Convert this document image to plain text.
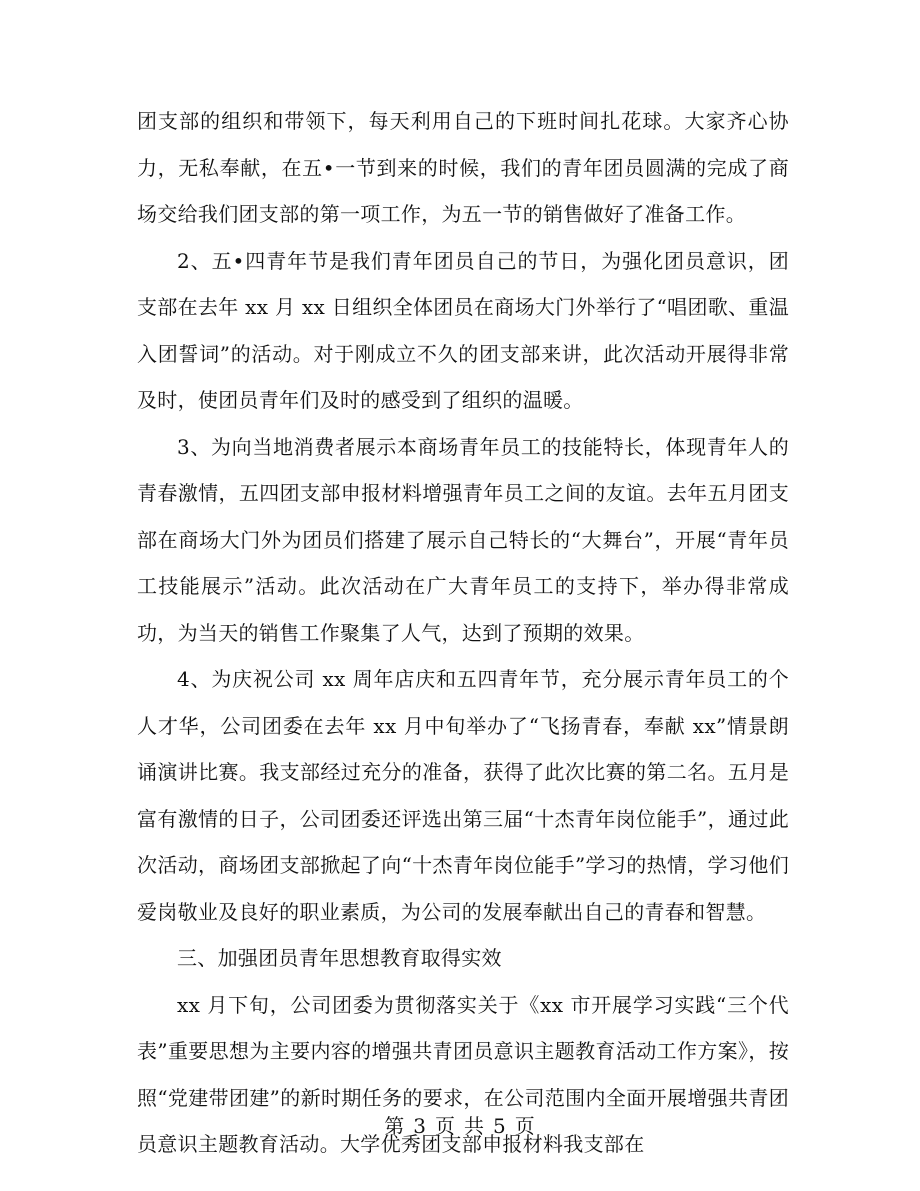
团支部的组织和带领下，每天利用自己的下班时间扎花球。大家齐心协力，无私奉献，在五•一节到来的时候，我们的青年团员圆满的完成了商场交给我们团支部的第一项工作，为五一节的销售做好了准备工作。

2、五•四青年节是我们青年团员自己的节日，为强化团员意识，团支部在去年 xx 月 xx 日组织全体团员在商场大门外举行了“唱团歌、重温入团誓词”的活动。对于刚成立不久的团支部来讲，此次活动开展得非常及时，使团员青年们及时的感受到了组织的温暖。

3、为向当地消费者展示本商场青年员工的技能特长，体现青年人的青春激情，五四团支部申报材料增强青年员工之间的友谊。去年五月团支部在商场大门外为团员们搭建了展示自己特长的“大舞台”，开展“青年员工技能展示”活动。此次活动在广大青年员工的支持下，举办得非常成功，为当天的销售工作聚集了人气，达到了预期的效果。

4、为庆祝公司 xx 周年店庆和五四青年节，充分展示青年员工的个人才华，公司团委在去年 xx 月中旬举办了“飞扬青春，奉献 xx”情景朗诵演讲比赛。我支部经过充分的准备，获得了此次比赛的第二名。五月是富有激情的日子，公司团委还评选出第三届“十杰青年岗位能手”，通过此次活动，商场团支部掀起了向“十杰青年岗位能手”学习的热情，学习他们爱岗敬业及良好的职业素质，为公司的发展奉献出自己的青春和智慧。

三、加强团员青年思想教育取得实效

xx 月下旬，公司团委为贯彻落实关于《xx 市开展学习实践“三个代表”重要思想为主要内容的增强共青团员意识主题教育活动工作方案》，按照“党建带团建”的新时期任务的要求，在公司范围内全面开展增强共青团员意识主题教育活动。大学优秀团支部申报材料我支部在

第 3 页 共 5 页
